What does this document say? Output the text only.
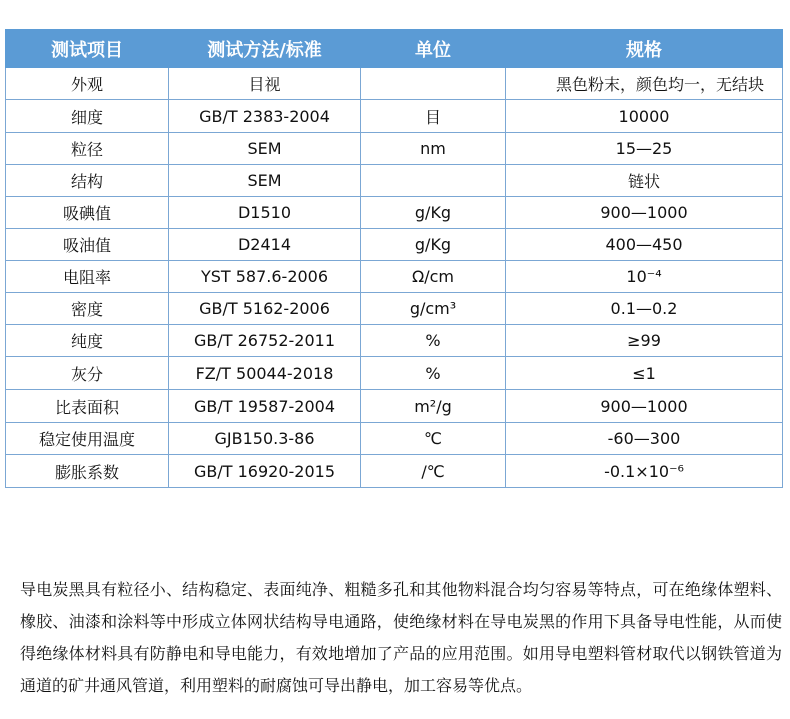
测试项目	测试方法/标准	单位	规格
外观	目视		黑色粉末，颜色均一，无结块
细度	GB/T 2383-2004	目	10000
粒径	SEM	nm	15—25
结构	SEM		链状
吸碘值	D1510	g/Kg	900—1000
吸油值	D2414	g/Kg	400—450
电阻率	YST 587.6-2006	Ω/cm	10⁻⁴
密度	GB/T 5162-2006	g/cm³	0.1—0.2
纯度	GB/T 26752-2011	%	≥99
灰分	FZ/T 50044-2018	%	≤1
比表面积	GB/T 19587-2004	m²/g	900—1000
稳定使用温度	GJB150.3-86	℃	-60—300
膨胀系数	GB/T 16920-2015	/℃	-0.1×10⁻⁶

导电炭黑具有粒径小、结构稳定、表面纯净、粗糙多孔和其他物料混合均匀容易等特点，可在绝缘体塑料、橡胶、油漆和涂料等中形成立体网状结构导电通路，使绝缘材料在导电炭黑的作用下具备导电性能，从而使得绝缘体材料具有防静电和导电能力，有效地增加了产品的应用范围。如用导电塑料管材取代以钢铁管道为通道的矿井通风管道，利用塑料的耐腐蚀可导出静电，加工容易等优点。
